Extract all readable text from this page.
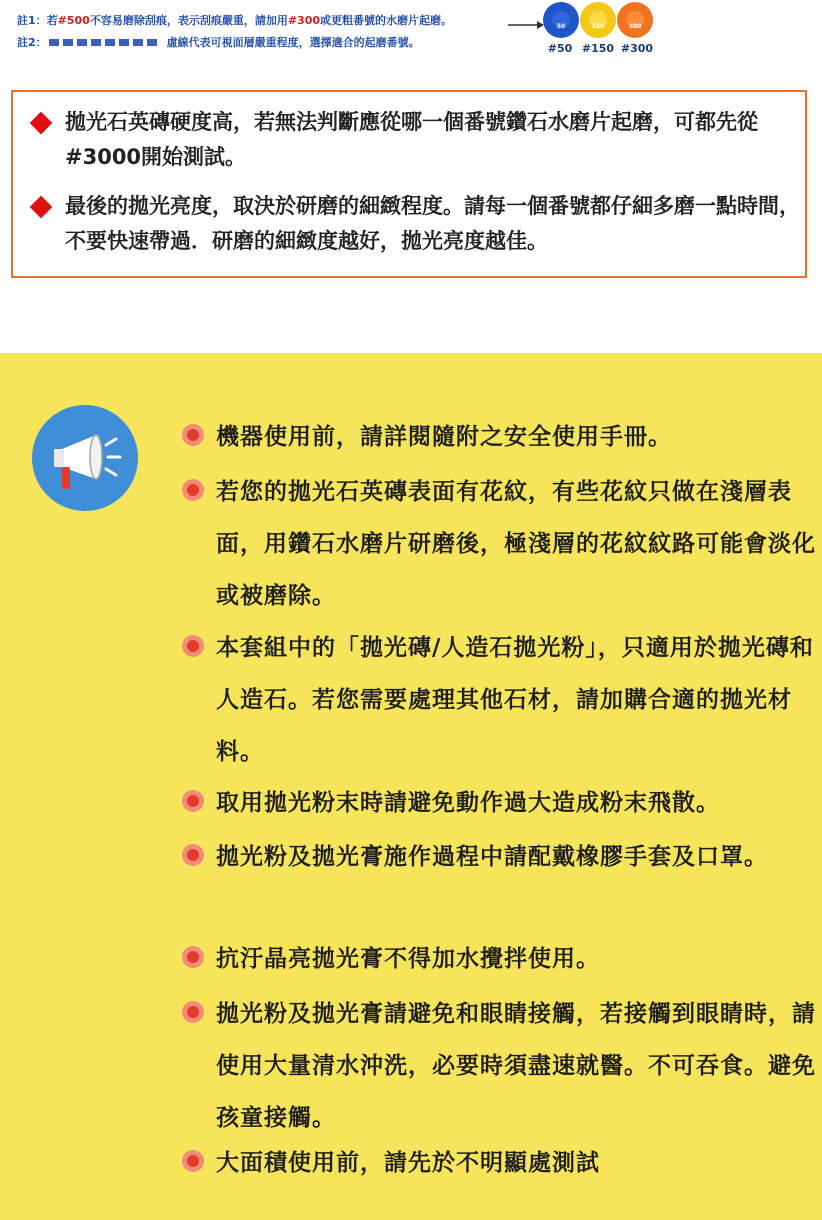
註1：若#500不容易磨除刮痕，表示刮痕嚴重，請加用#300或更粗番號的水磨片起磨。
註2：	虛線代表可視面層嚴重程度，選擇適合的起磨番號。
50	150	300
#50 #150 #300
拋光石英磚硬度高，若無法判斷應從哪一個番號鑽石水磨片起磨，可都先從#3000開始測試。
最後的拋光亮度，取決於研磨的細緻程度。請每一個番號都仔細多磨一點時間，不要快速帶過．研磨的細緻度越好，拋光亮度越佳。
機器使用前，請詳閱隨附之安全使用手冊。
若您的拋光石英磚表面有花紋，有些花紋只做在淺層表面，用鑽石水磨片研磨後，極淺層的花紋紋路可能會淡化或被磨除。
本套組中的「拋光磚/人造石拋光粉」，只適用於拋光磚和人造石。若您需要處理其他石材，請加購合適的拋光材料。
取用拋光粉末時請避免動作過大造成粉末飛散。
拋光粉及拋光膏施作過程中請配戴橡膠手套及口罩。
抗汙晶亮拋光膏不得加水攪拌使用。
拋光粉及拋光膏請避免和眼睛接觸，若接觸到眼睛時，請使用大量清水沖洗，必要時須盡速就醫。不可吞食。避免孩童接觸。
大面積使用前，請先於不明顯處測試
